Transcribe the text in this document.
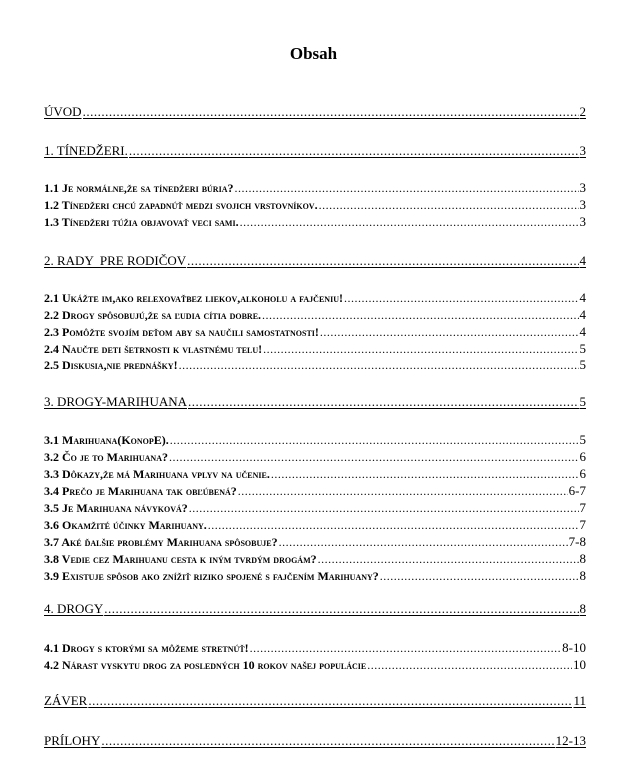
Obsah
ÚVOD .....	2
1. TÍNEDŽERI. .....	3
1.1 Je normálne,že sa tínedžeri búria? .....	3
1.2 Tínedžeri chcú zapadnúť medzi svojich vrstovníkov. .....	3
1.3 Tínedžeri túžia objavovať veci sami. .....	3
2. RADY  PRE RODIČOV .....	4
2.1 Ukážte im,ako relexovaťbez liekov,alkoholu a fajčeniu! .....	4
2.2 Drogy spôsobujú,že sa ľudia cítia dobre. .....	4
2.3 Pomôžte svojím deťom aby sa naučili samostatnosti! .....	4
2.4 Naučte deti šetrnosti k vlastnému telu! .....	5
2.5 Diskusia,nie prednášky! .....	5
3. DROGY-MARIHUANA .....	5
3.1 Marihuana(KonopE). .....	5
3.2 Čo je to Marihuana? .....	6
3.3 Dôkazy,že má Marihuana vplyv na učenie. .....	6
3.4 Prečo je Marihuana tak obľúbená? .....	6-7
3.5 Je Marihuana návyková? .....	7
3.6 Okamžité účinky Marihuany. .....	7
3.7 Aké ďalšie problémy Marihuana spôsobuje? .....	7-8
3.8 Vedie cez Marihuanu cesta k iným tvrdým drogám? .....	8
3.9 Existuje spôsob ako znížiť riziko spojené s fajčením Marihuany? .....	8
4. DROGY .....	8
4.1 Drogy s ktorými sa môžeme stretnúť! .....	8-10
4.2 Nárast vyskytu drog za posledných 10 rokov našej populácie .....	10
ZÁVER .....	11
PRÍLOHY .....	12-13
